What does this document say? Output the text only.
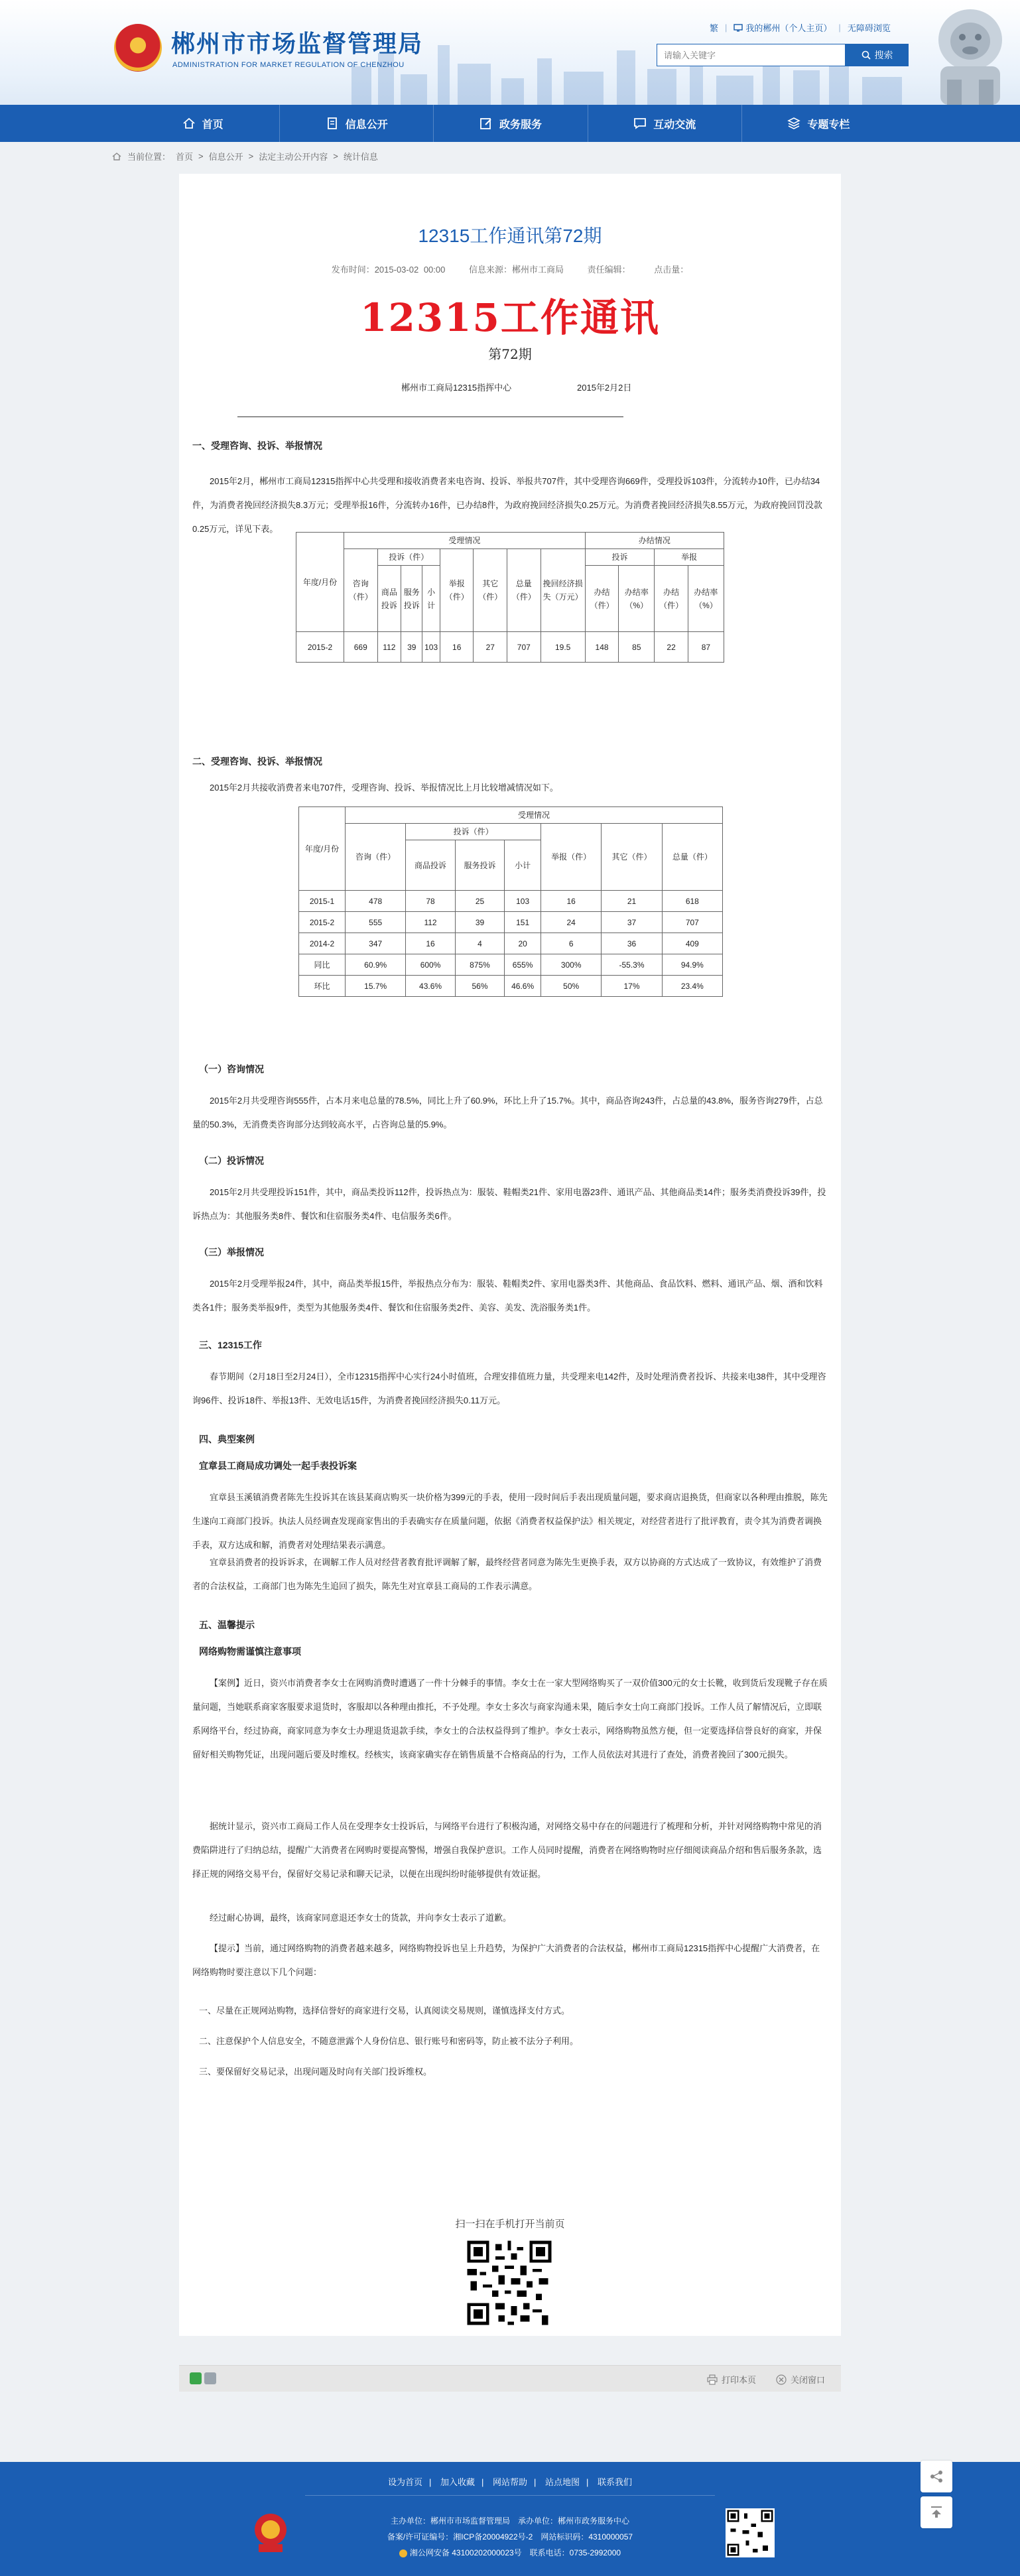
郴州市市场监督管理局
ADMINISTRATION FOR MARKET REGULATION OF CHENZHOU
繁 | 我的郴州（个人主页） | 无障碍浏览
请输入关键字
搜索
首页	信息公开	政务服务	互动交流	专题专栏
当前位置： 首页 > 信息公开 > 法定主动公开内容 > 统计信息
12315工作通讯第72期
发布时间：2015-03-02 00:00	信息来源：郴州市工商局	责任编辑：	点击量：
12315工作通讯
第72期
郴州市工商局12315指挥中心	2015年2月2日
一、受理咨询、投诉、举报情况
2015年2月，郴州市工商局12315指挥中心共受理和接收消费者来电咨询、投诉、举报共707件，其中受理咨询669件，受理投诉103件，分流转办10件，已办结34件，为消费者挽回经济损失8.3万元；受理举报16件，分流转办16件，已办结8件，为政府挽回经济损失0.25万元。为消费者挽回经济损失8.55万元，为政府挽回罚没款0.25万元，详见下表。
年度/月份	受理情况								办结情况			
	咨询（件）	投诉（件）			举报（件）	其它（件）	总量（件）	挽回经济损失（万元）	投诉		举报	
		商品投诉	服务投诉	小计					办结（件）	办结率（%）	办结（件）	办结率（%）
2015-2	669	112	39	103	16	27	707	19.5	148	85	22	87
二、受理咨询、投诉、举报情况
2015年2月共接收消费者来电707件，受理咨询、投诉、举报情况比上月比较增减情况如下。
年度/月份	受理情况						
	咨询（件）	投诉（件）			举报（件）	其它（件）	总量（件）
		商品投诉	服务投诉	小计			
2015-1	478	78	25	103	16	21	618
2015-2	555	112	39	151	24	37	707
2014-2	347	16	4	20	6	36	409
同比	60.9%	600%	875%	655%	300%	-55.3%	94.9%
环比	15.7%	43.6%	56%	46.6%	50%	17%	23.4%
（一）咨询情况
2015年2月共受理咨询555件，占本月来电总量的78.5%，同比上升了60.9%，环比上升了15.7%。其中，商品咨询243件，占总量的43.8%，服务咨询279件，占总量的50.3%，无消费类咨询部分达到较高水平，占咨询总量的5.9%。
（二）投诉情况
2015年2月共受理投诉151件，其中，商品类投诉112件，投诉热点为：服装、鞋帽类21件、家用电器23件、通讯产品、其他商品类14件；服务类消费投诉39件，投诉热点为：其他服务类8件、餐饮和住宿服务类4件、电信服务类6件。
（三）举报情况
2015年2月受理举报24件，其中，商品类举报15件，举报热点分布为：服装、鞋帽类2件、家用电器类3件、其他商品、食品饮料、燃料、通讯产品、烟、酒和饮料类各1件；服务类举报9件，类型为其他服务类4件、餐饮和住宿服务类2件、美容、美发、洗浴服务类1件。
三、12315工作
春节期间（2月18日至2月24日），全市12315指挥中心实行24小时值班，合理安排值班力量，共受理来电142件，及时处理消费者投诉、共接来电38件，其中受理咨询96件、投诉18件、举报13件、无效电话15件，为消费者挽回经济损失0.11万元。
四、典型案例
宜章县工商局成功调处一起手表投诉案
宜章县玉溪镇消费者陈先生投诉其在该县某商店购买一块价格为399元的手表，使用一段时间后手表出现质量问题，要求商店退换货，但商家以各种理由推脱，陈先生遂向工商部门投诉。执法人员经调查发现商家售出的手表确实存在质量问题，依据《消费者权益保护法》相关规定，对经营者进行了批评教育，责令其为消费者调换手表，双方达成和解，消费者对处理结果表示满意。
宜章县消费者的投诉诉求，在调解工作人员对经营者教育批评调解了解，最终经营者同意为陈先生更换手表，双方以协商的方式达成了一致协议，有效维护了消费者的合法权益，工商部门也为陈先生追回了损失，陈先生对宜章县工商局的工作表示满意。
五、温馨提示
网络购物需谨慎注意事项
【案例】近日，资兴市消费者李女士在网购消费时遭遇了一件十分棘手的事情。李女士在一家大型网络购买了一双价值300元的女士长靴，收到货后发现靴子存在质量问题，当她联系商家客服要求退货时，客服却以各种理由推托，不予处理。李女士多次与商家沟通未果，随后李女士向工商部门投诉。工作人员了解情况后，立即联系网络平台，经过协商，商家同意为李女士办理退货退款手续，李女士的合法权益得到了维护。李女士表示，网络购物虽然方便，但一定要选择信誉良好的商家，并保留好相关购物凭证，出现问题后要及时维权。经核实，该商家确实存在销售质量不合格商品的行为，工作人员依法对其进行了查处，消费者挽回了300元损失。
据统计显示，资兴市工商局工作人员在受理李女士投诉后，与网络平台进行了积极沟通，对网络交易中存在的问题进行了梳理和分析，并针对网络购物中常见的消费陷阱进行了归纳总结，提醒广大消费者在网购时要提高警惕，增强自我保护意识。工作人员同时提醒，消费者在网络购物时应仔细阅读商品介绍和售后服务条款，选择正规的网络交易平台，保留好交易记录和聊天记录，以便在出现纠纷时能够提供有效证据。
经过耐心协调，最终，该商家同意退还李女士的货款，并向李女士表示了道歉。
【提示】当前，通过网络购物的消费者越来越多，网络购物投诉也呈上升趋势，为保护广大消费者的合法权益，郴州市工商局12315指挥中心提醒广大消费者，在网络购物时要注意以下几个问题：
一、尽量在正规网站购物，选择信誉好的商家进行交易，认真阅读交易规则，谨慎选择支付方式。
二、注意保护个人信息安全，不随意泄露个人身份信息、银行账号和密码等，防止被不法分子利用。
三、要保留好交易记录，出现问题及时向有关部门投诉维权。
扫一扫在手机打开当前页
打印本页	关闭窗口
设为首页 | 加入收藏 | 网站帮助 | 站点地图 | 联系我们
主办单位：郴州市市场监督管理局　承办单位：郴州市政务服务中心
备案/许可证编号：湘ICP备20004922号-2　网站标识码：4310000057
湘公网安备 43100202000023号　联系电话：0735-2992000
